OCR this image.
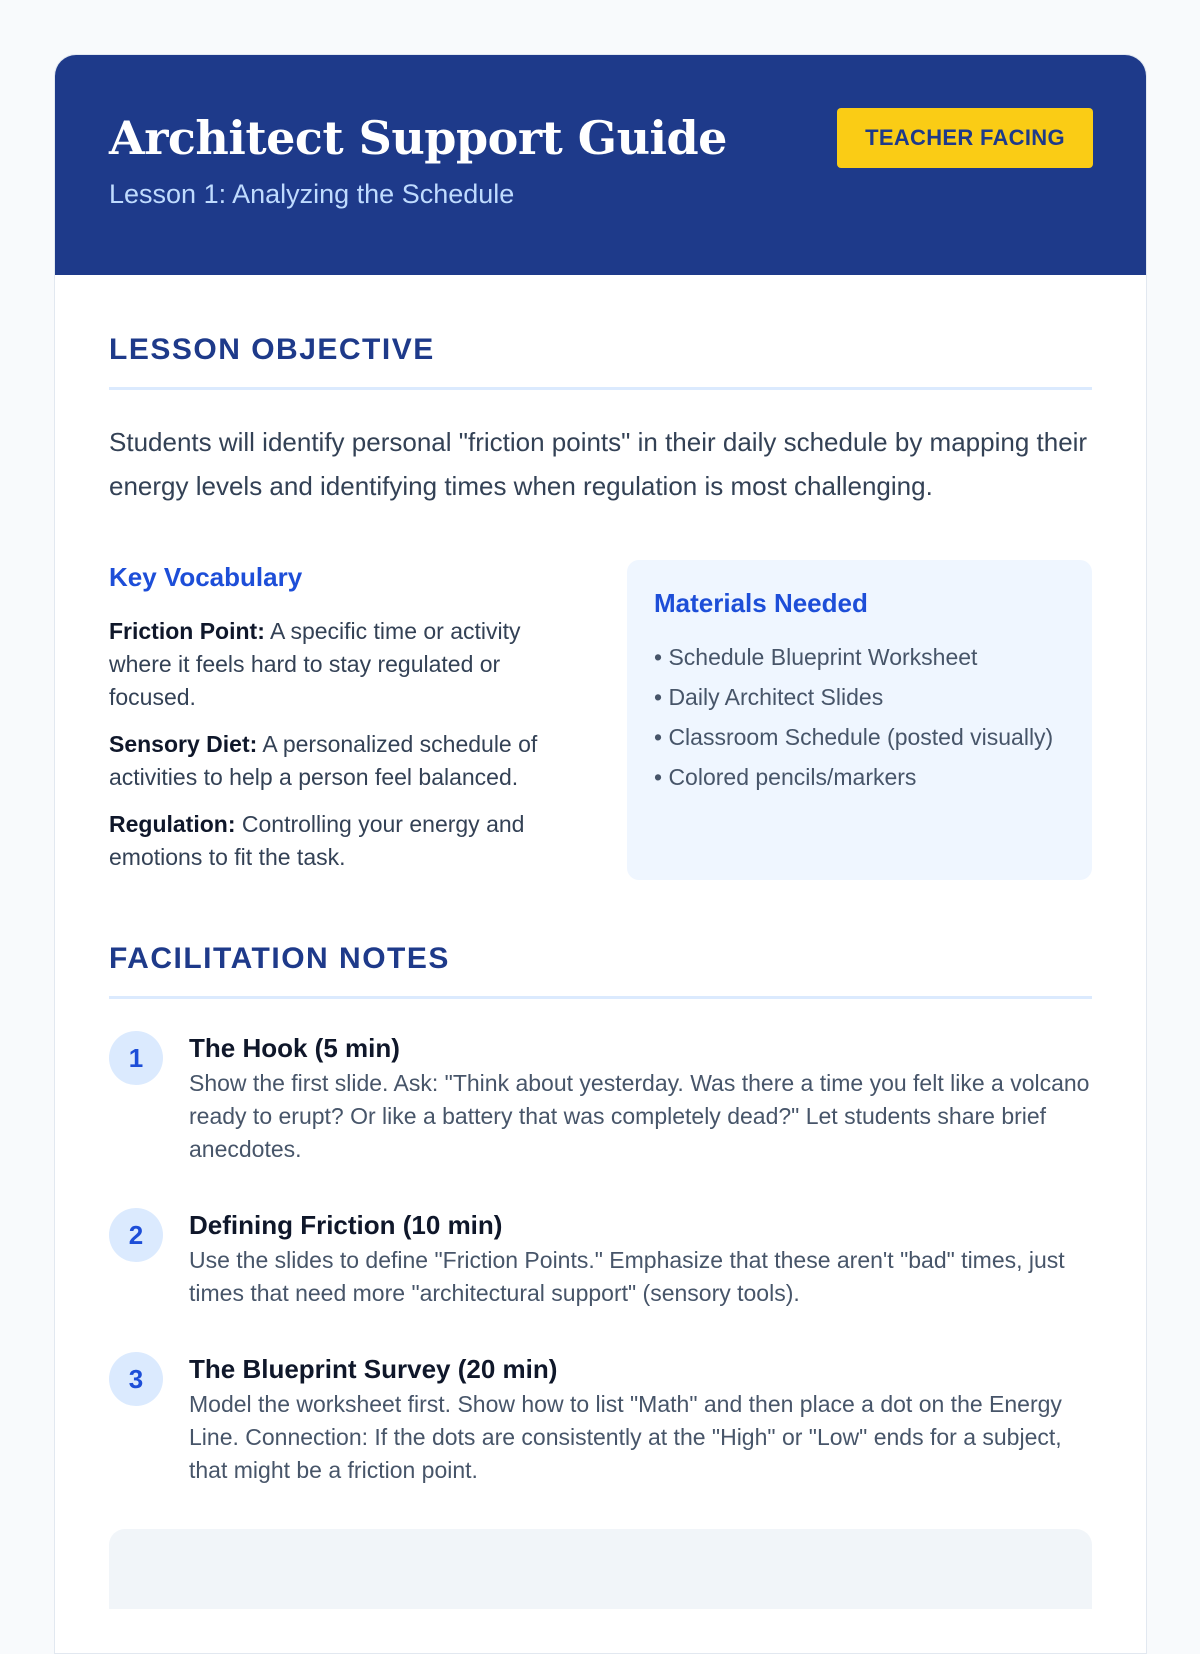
Architect Support Guide
Lesson 1: Analyzing the Schedule
TEACHER FACING
LESSON OBJECTIVE

Students will identify personal "friction points" in their daily schedule by mapping their energy levels and identifying times when regulation is most challenging.

Key Vocabulary

Friction Point: A specific time or activity where it feels hard to stay regulated or focused.

Sensory Diet: A personalized schedule of activities to help a person feel balanced.

Regulation: Controlling your energy and emotions to fit the task.

Materials Needed
• Schedule Blueprint Worksheet
• Daily Architect Slides
• Classroom Schedule (posted visually)
• Colored pencils/markers
FACILITATION NOTES
1	The Hook (5 min)
Show the first slide. Ask: "Think about yesterday. Was there a time you felt like a volcano ready to erupt? Or like a battery that was completely dead?" Let students share brief anecdotes.
2	Defining Friction (10 min)
Use the slides to define "Friction Points." Emphasize that these aren't "bad" times, just times that need more "architectural support" (sensory tools).
3	The Blueprint Survey (20 min)
Model the worksheet first. Show how to list "Math" and then place a dot on the Energy Line. Connection: If the dots are consistently at the "High" or "Low" ends for a subject, that might be a friction point.
